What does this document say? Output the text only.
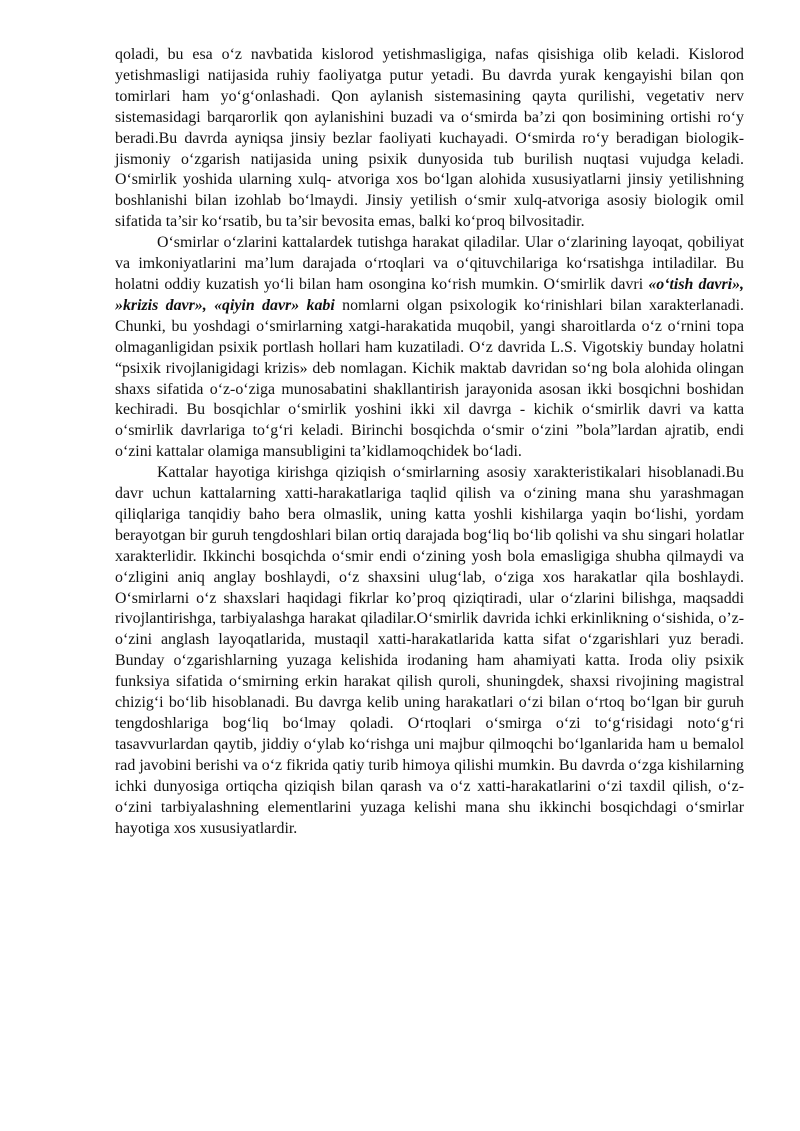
qoladi, bu esa o‘z navbatida kislorod yetishmasligiga, nafas qisishiga olib keladi. Kislorod yetishmasligi natijasida ruhiy faoliyatga putur yetadi. Bu davrda yurak kengayishi bilan qon tomirlari ham yo‘g‘onlashadi. Qon aylanish sistemasining qayta qurilishi, vegetativ nerv sistemasidagi barqarorlik qon aylanishini buzadi va o‘smirda ba’zi qon bosimining ortishi ro‘y beradi.Bu davrda ayniqsa jinsiy bezlar faoliyati kuchayadi. O‘smirda ro‘y beradigan biologik-jismoniy o‘zgarish natijasida uning psixik dunyosida tub burilish nuqtasi vujudga keladi. O‘smirlik yoshida ularning xulq- atvoriga xos bo‘lgan alohida xususiyatlarni jinsiy yetilishning boshlanishi bilan izohlab bo‘lmaydi. Jinsiy yetilish o‘smir xulq-atvoriga asosiy biologik omil sifatida ta’sir ko‘rsatib, bu ta’sir bevosita emas, balki ko‘proq bilvositadir.

O‘smirlar o‘zlarini kattalardek tutishga harakat qiladilar. Ular o‘zlarining layoqat, qobiliyat va imkoniyatlarini ma’lum darajada o‘rtoqlari va o‘qituvchilariga ko‘rsatishga intiladilar. Bu holatni oddiy kuzatish yo‘li bilan ham osongina ko‘rish mumkin. O‘smirlik davri «o‘tish davri», »krizis davr», «qiyin davr» kabi nomlarni olgan psixologik ko‘rinishlari bilan xarakterlanadi. Chunki, bu yoshdagi o‘smirlarning xatgi-harakatida muqobil, yangi sharoitlarda o‘z o‘rnini topa olmaganligidan psixik portlash hollari ham kuzatiladi. O‘z davrida L.S. Vigotskiy bunday holatni “psixik rivojlanigidagi krizis» deb nomlagan. Kichik maktab davridan so‘ng bola alohida olingan shaxs sifatida o‘z-o‘ziga munosabatini shakllantirish jarayonida asosan ikki bosqichni boshidan kechiradi. Bu bosqichlar o‘smirlik yoshini ikki xil davrga - kichik o‘smirlik davri va katta o‘smirlik davrlariga to‘g‘ri keladi. Birinchi bosqichda o‘smir o‘zini ”bola”lardan ajratib, endi o‘zini kattalar olamiga mansubligini ta’kidlamoqchidek bo‘ladi.

Kattalar hayotiga kirishga qiziqish o‘smirlarning asosiy xarakteristikalari hisoblanadi.Bu davr uchun kattalarning xatti-harakatlariga taqlid qilish va o‘zining mana shu yarashmagan qiliqlariga tanqidiy baho bera olmaslik, uning katta yoshli kishilarga yaqin bo‘lishi, yordam berayotgan bir guruh tengdoshlari bilan ortiq darajada bog‘liq bo‘lib qolishi va shu singari holatlar xarakterlidir. Ikkinchi bosqichda o‘smir endi o‘zining yosh bola emasligiga shubha qilmaydi va o‘zligini aniq anglay boshlaydi, o‘z shaxsini ulug‘lab, o‘ziga xos harakatlar qila boshlaydi. O‘smirlarni o‘z shaxslari haqidagi fikrlar ko’proq qiziqtiradi, ular o‘zlarini bilishga, maqsaddi rivojlantirishga, tarbiyalashga harakat qiladilar.O‘smirlik davrida ichki erkinlikning o‘sishida, o’z-o‘zini anglash layoqatlarida, mustaqil xatti-harakatlarida katta sifat o‘zgarishlari yuz beradi. Bunday o‘zgarishlarning yuzaga kelishida irodaning ham ahamiyati katta. Iroda oliy psixik funksiya sifatida o‘smirning erkin harakat qilish quroli, shuningdek, shaxsi rivojining magistral chizig‘i bo‘lib hisoblanadi. Bu davrga kelib uning harakatlari o‘zi bilan o‘rtoq bo‘lgan bir guruh tengdoshlariga bog‘liq bo‘lmay qoladi. O‘rtoqlari o‘smirga o‘zi to‘g‘risidagi noto‘g‘ri tasavvurlardan qaytib, jiddiy o‘ylab ko‘rishga uni majbur qilmoqchi bo‘lganlarida ham u bemalol rad javobini berishi va o‘z fikrida qatiy turib himoya qilishi mumkin. Bu davrda o‘zga kishilarning ichki dunyosiga ortiqcha qiziqish bilan qarash va o‘z xatti-harakatlarini o‘zi taxdil qilish, o‘z-o‘zini tarbiyalashning elementlarini yuzaga kelishi mana shu ikkinchi bosqichdagi o‘smirlar hayotiga xos xususiyatlardir.
